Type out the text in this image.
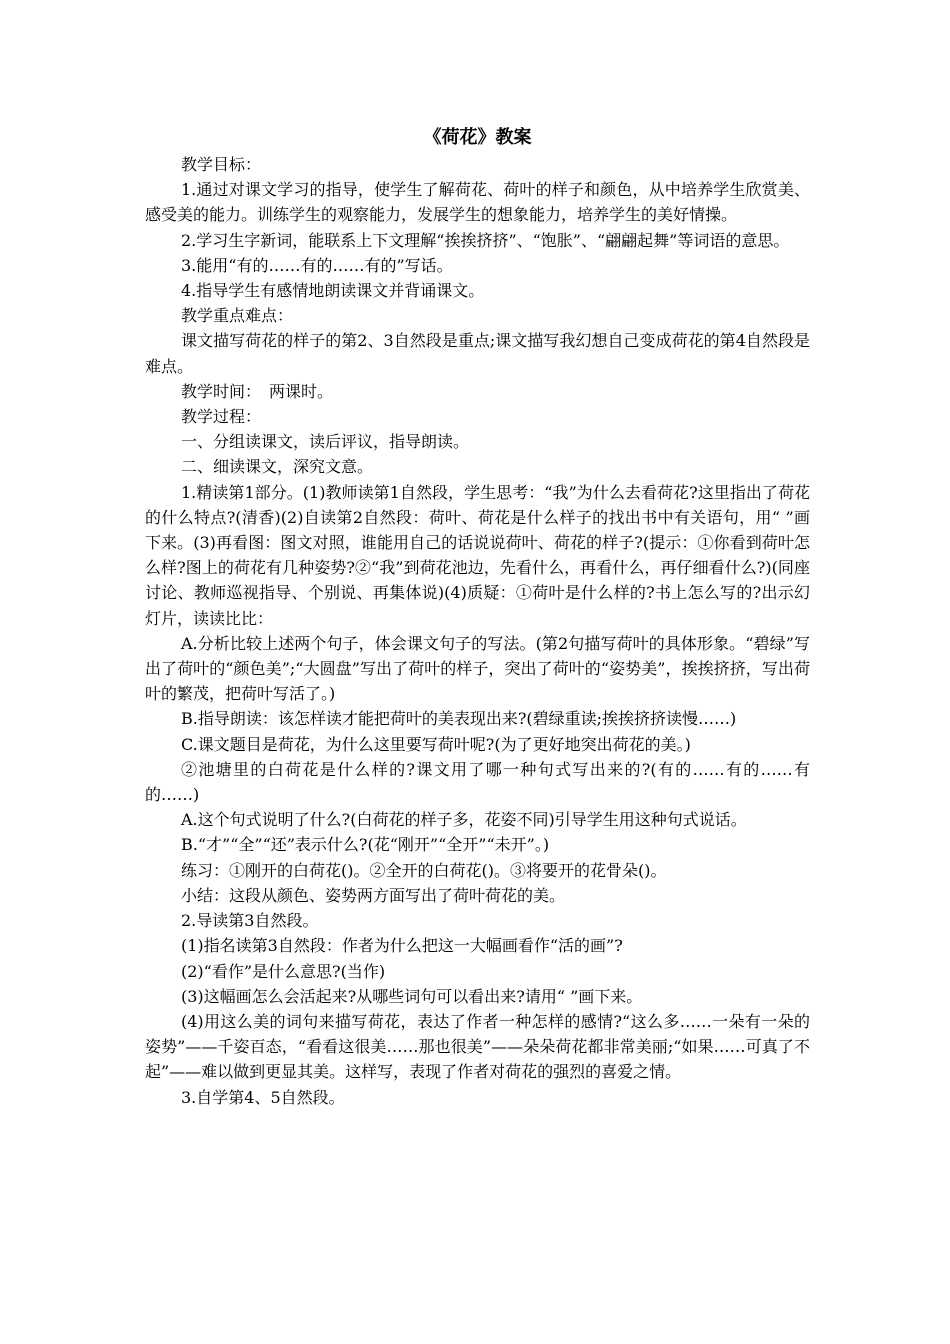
《荷花》教案

教学目标：

1.通过对课文学习的指导，使学生了解荷花、荷叶的样子和颜色，从中培养学生欣赏美、感受美的能力。训练学生的观察能力，发展学生的想象能力，培养学生的美好情操。

2.学习生字新词，能联系上下文理解“挨挨挤挤”、“饱胀”、“翩翩起舞”等词语的意思。

3.能用“有的……有的……有的”写话。

4.指导学生有感情地朗读课文并背诵课文。

教学重点难点：

课文描写荷花的样子的第2、3自然段是重点;课文描写我幻想自己变成荷花的第4自然段是难点。

教学时间：　两课时。

教学过程：

一、分组读课文，读后评议，指导朗读。

二、细读课文，深究文意。

1.精读第1部分。(1)教师读第1自然段，学生思考：“我”为什么去看荷花?这里指出了荷花的什么特点?(清香)(2)自读第2自然段：荷叶、荷花是什么样子的找出书中有关语句，用“ ”画下来。(3)再看图：图文对照，谁能用自己的话说说荷叶、荷花的样子?(提示：①你看到荷叶怎么样?图上的荷花有几种姿势?②“我”到荷花池边，先看什么，再看什么，再仔细看什么?)(同座讨论、教师巡视指导、个别说、再集体说)(4)质疑：①荷叶是什么样的?书上怎么写的?出示幻灯片，读读比比：

A.分析比较上述两个句子，体会课文句子的写法。(第2句描写荷叶的具体形象。“碧绿”写出了荷叶的“颜色美”;“大圆盘”写出了荷叶的样子，突出了荷叶的“姿势美”，挨挨挤挤，写出荷叶的繁茂，把荷叶写活了。)

B.指导朗读：该怎样读才能把荷叶的美表现出来?(碧绿重读;挨挨挤挤读慢……)

C.课文题目是荷花，为什么这里要写荷叶呢?(为了更好地突出荷花的美。)

②池塘里的白荷花是什么样的?课文用了哪一种句式写出来的?(有的……有的……有的……)

A.这个句式说明了什么?(白荷花的样子多，花姿不同)引导学生用这种句式说话。

B.“才”“全”“还”表示什么?(花“刚开”“全开”“未开”。)

练习：①刚开的白荷花()。②全开的白荷花()。③将要开的花骨朵()。

小结：这段从颜色、姿势两方面写出了荷叶荷花的美。

2.导读第3自然段。

(1)指名读第3自然段：作者为什么把这一大幅画看作“活的画”?

(2)“看作”是什么意思?(当作)

(3)这幅画怎么会活起来?从哪些词句可以看出来?请用“ ”画下来。

(4)用这么美的词句来描写荷花，表达了作者一种怎样的感情?“这么多……一朵有一朵的姿势”——千姿百态，“看看这很美……那也很美”——朵朵荷花都非常美丽;“如果……可真了不起”——难以做到更显其美。这样写，表现了作者对荷花的强烈的喜爱之情。

3.自学第4、5自然段。
